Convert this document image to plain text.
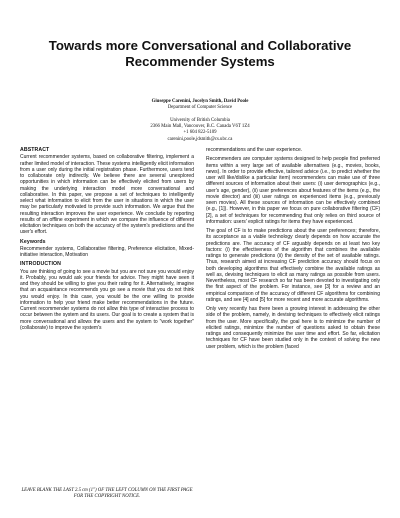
Towards more Conversational and Collaborative Recommender Systems
Giuseppe Carenini, Jocelyn Smith, David Poole
Department of Computer Science

University of British Columbia
2366 Main Mall, Vancouver, B.C. Canada V6T 1Z4
+1 604 822-5109
carenini,poole,jdsmith@cs.ubc.ca
ABSTRACT

Current recommender systems, based on collaborative filtering, implement a rather limited model of interaction. These systems intelligently elicit information from a user only during the initial registration phase. Furthermore, users tend to collaborate only indirectly. We believe there are several unexplored opportunities in which information can be effectively elicited from users by making the underlying interaction model more conversational and collaborative. In this paper, we propose a set of techniques to intelligently select what information to elicit from the user in situations in which the user may be particularly motivated to provide such information. We argue that the resulting interaction improves the user experience. We conclude by reporting results of an offline experiment in which we compare the influence of different elicitation techniques on both the accuracy of the system's predictions and the user's effort.

Keywords

Recommender systems, Collaborative filtering, Preference elicitation, Mixed-initiative interaction, Motivation

INTRODUCTION

You are thinking of going to see a movie but you are not sure you would enjoy it. Probably, you would ask your friends for advice. They might have seen it and they should be willing to give you their rating for it. Alternatively, imagine that an acquaintance recommends you go see a movie that you do not think you would enjoy. In this case, you would be the one willing to provide information to help your friend make better recommendations in the future. Current recommender systems do not allow this type of interactive process to occur between the system and its users. Our goal is to create a system that is more conversational and allows the users and the system to "work together" (collaborate) to improve the system's

LEAVE BLANK THE LAST 2.5 cm (1") OF THE LEFT COLUMN ON THE FIRST PAGE FOR THE COPYRIGHT NOTICE.

recommendations and the user experience.

Recommenders are computer systems designed to help people find preferred items within a very large set of available alternatives (e.g., movies, books, news). In order to provide effective, tailored advice (i.e., to predict whether the user will like/dislike a particular item) recommenders can make use of three different sources of information about their users: (i) user demographics (e.g., user's age, gender), (ii) user preferences about features of the items (e.g., the movie director) and (iii) user ratings on experienced items (e.g., previously seen movies). All these sources of information can be effectively combined (e.g., [1]). However, in this paper we focus on pure collaborative filtering (CF) [2], a set of techniques for recommending that only relies on third source of information: users' explicit ratings for items they have experienced.

The goal of CF is to make predictions about the user preferences; therefore, its acceptance as a viable technology clearly depends on how accurate the predictions are. The accuracy of CF arguably depends on at least two key factors: (i) the effectiveness of the algorithm that combines the available ratings to generate predictions (ii) the density of the set of available ratings. Thus, research aimed at increasing CF prediction accuracy should focus on both developing algorithms that effectively combine the available ratings as well as, devising techniques to elicit as many ratings as possible from users. Nevertheless, most CF research so far has been devoted to investigating only the first aspect of the problem. For instance, see [3] for a review and an empirical comparison of the accuracy of different CF algorithms for combining ratings, and see [4] and [5] for more recent and more accurate algorithms.

Only very recently has there been a growing interest in addressing the other side of the problem, namely, in devising techniques to effectively elicit ratings from the user. More specifically, the goal here is to minimize the number of elicited ratings, minimize the number of questions asked to obtain these ratings and consequently minimize the user time and effort. So far, elicitation techniques for CF have been studied only in the context of solving the new user problem, which is the problem (faced
